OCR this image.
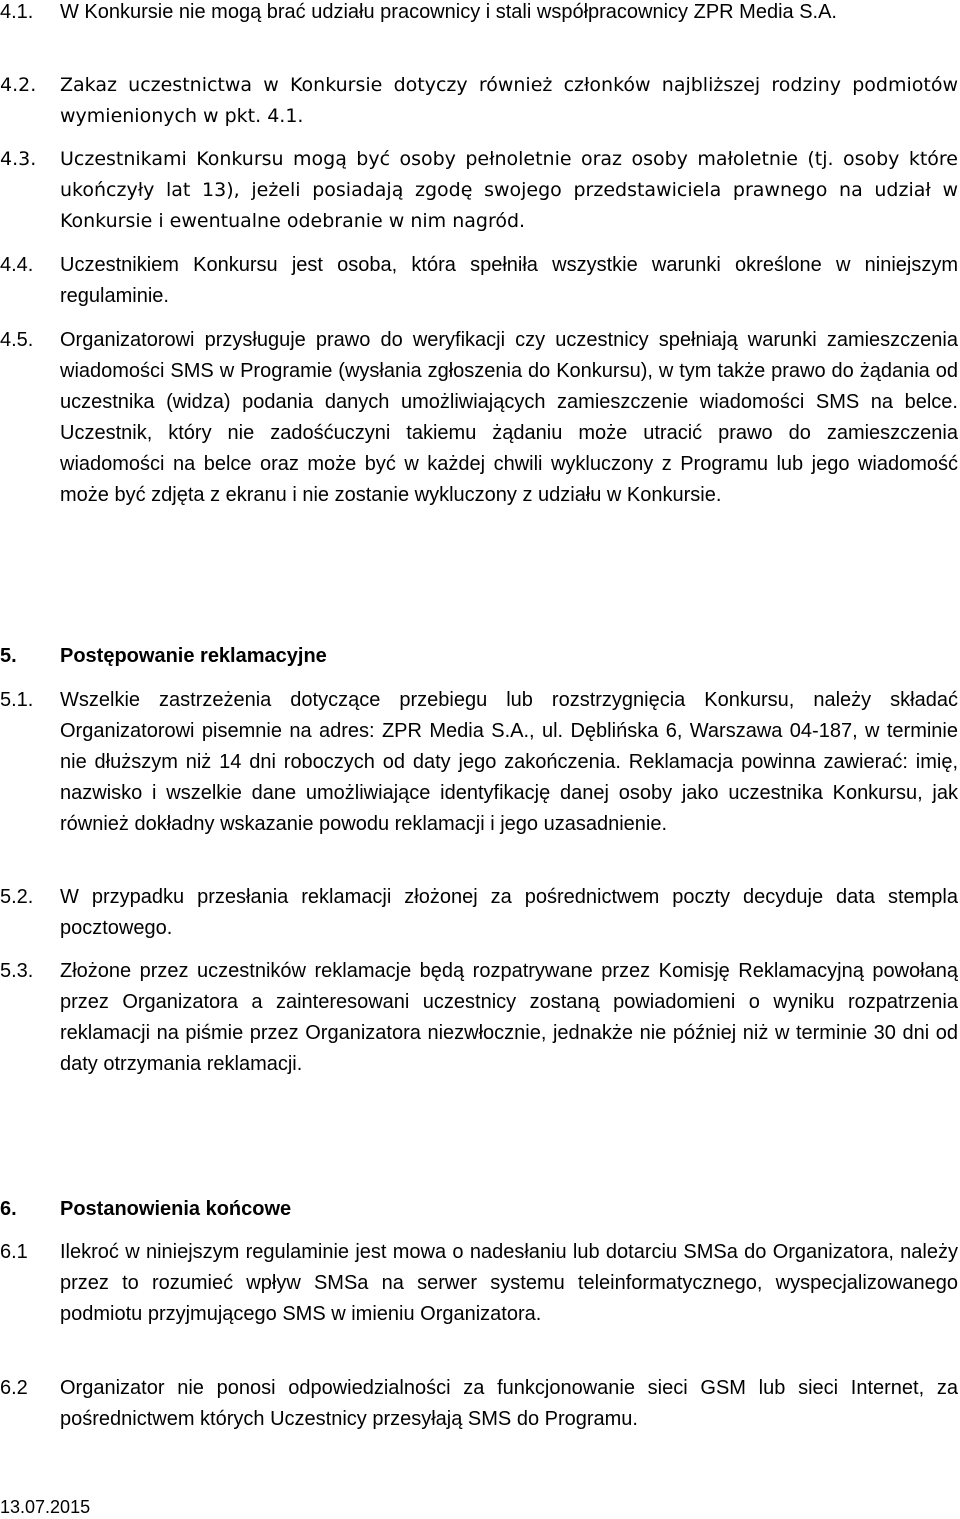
4.1.	W Konkursie nie mogą brać udziału pracownicy i stali współpracownicy ZPR Media S.A.
4.2.	Zakaz uczestnictwa w Konkursie dotyczy również członków najbliższej rodziny podmiotów wymienionych w pkt. 4.1.
4.3.	Uczestnikami Konkursu mogą być osoby pełnoletnie oraz osoby małoletnie (tj. osoby które ukończyły lat 13), jeżeli posiadają zgodę swojego przedstawiciela prawnego na udział w Konkursie i ewentualne odebranie w nim nagród.
4.4.	Uczestnikiem Konkursu jest osoba, która spełniła wszystkie warunki określone w niniejszym regulaminie.
4.5.	Organizatorowi przysługuje prawo do weryfikacji czy uczestnicy spełniają warunki zamieszczenia wiadomości SMS w Programie (wysłania zgłoszenia do Konkursu), w tym także prawo do żądania od uczestnika (widza) podania danych umożliwiających zamieszczenie wiadomości SMS na belce. Uczestnik, który nie zadośćuczyni takiemu żądaniu może utracić prawo do zamieszczenia wiadomości na belce oraz może być w każdej chwili wykluczony z Programu lub jego wiadomość może być zdjęta z ekranu i nie zostanie wykluczony z udziału w Konkursie.
5.	Postępowanie reklamacyjne
5.1.	Wszelkie zastrzeżenia dotyczące przebiegu lub rozstrzygnięcia Konkursu, należy składać Organizatorowi pisemnie na adres: ZPR Media S.A., ul. Dęblińska 6, Warszawa 04-187, w terminie nie dłuższym niż 14 dni roboczych od daty jego zakończenia. Reklamacja powinna zawierać: imię, nazwisko i wszelkie dane umożliwiające identyfikację danej osoby jako uczestnika Konkursu, jak również dokładny wskazanie powodu reklamacji i jego uzasadnienie.
5.2.	W przypadku przesłania reklamacji złożonej za pośrednictwem poczty decyduje data stempla pocztowego.
5.3.	Złożone przez uczestników reklamacje będą rozpatrywane przez Komisję Reklamacyjną powołaną przez Organizatora a zainteresowani uczestnicy zostaną powiadomieni o wyniku rozpatrzenia reklamacji na piśmie przez Organizatora niezwłocznie, jednakże nie później niż w terminie 30 dni od daty otrzymania reklamacji.
6.	Postanowienia końcowe
6.1	Ilekroć w niniejszym regulaminie jest mowa o nadesłaniu lub dotarciu SMSa do Organizatora, należy przez to rozumieć wpływ SMSa na serwer systemu teleinformatycznego, wyspecjalizowanego podmiotu przyjmującego SMS w imieniu Organizatora.
6.2	Organizator nie ponosi odpowiedzialności za funkcjonowanie sieci GSM lub sieci Internet, za pośrednictwem których Uczestnicy przesyłają SMS do Programu.
13.07.2015
